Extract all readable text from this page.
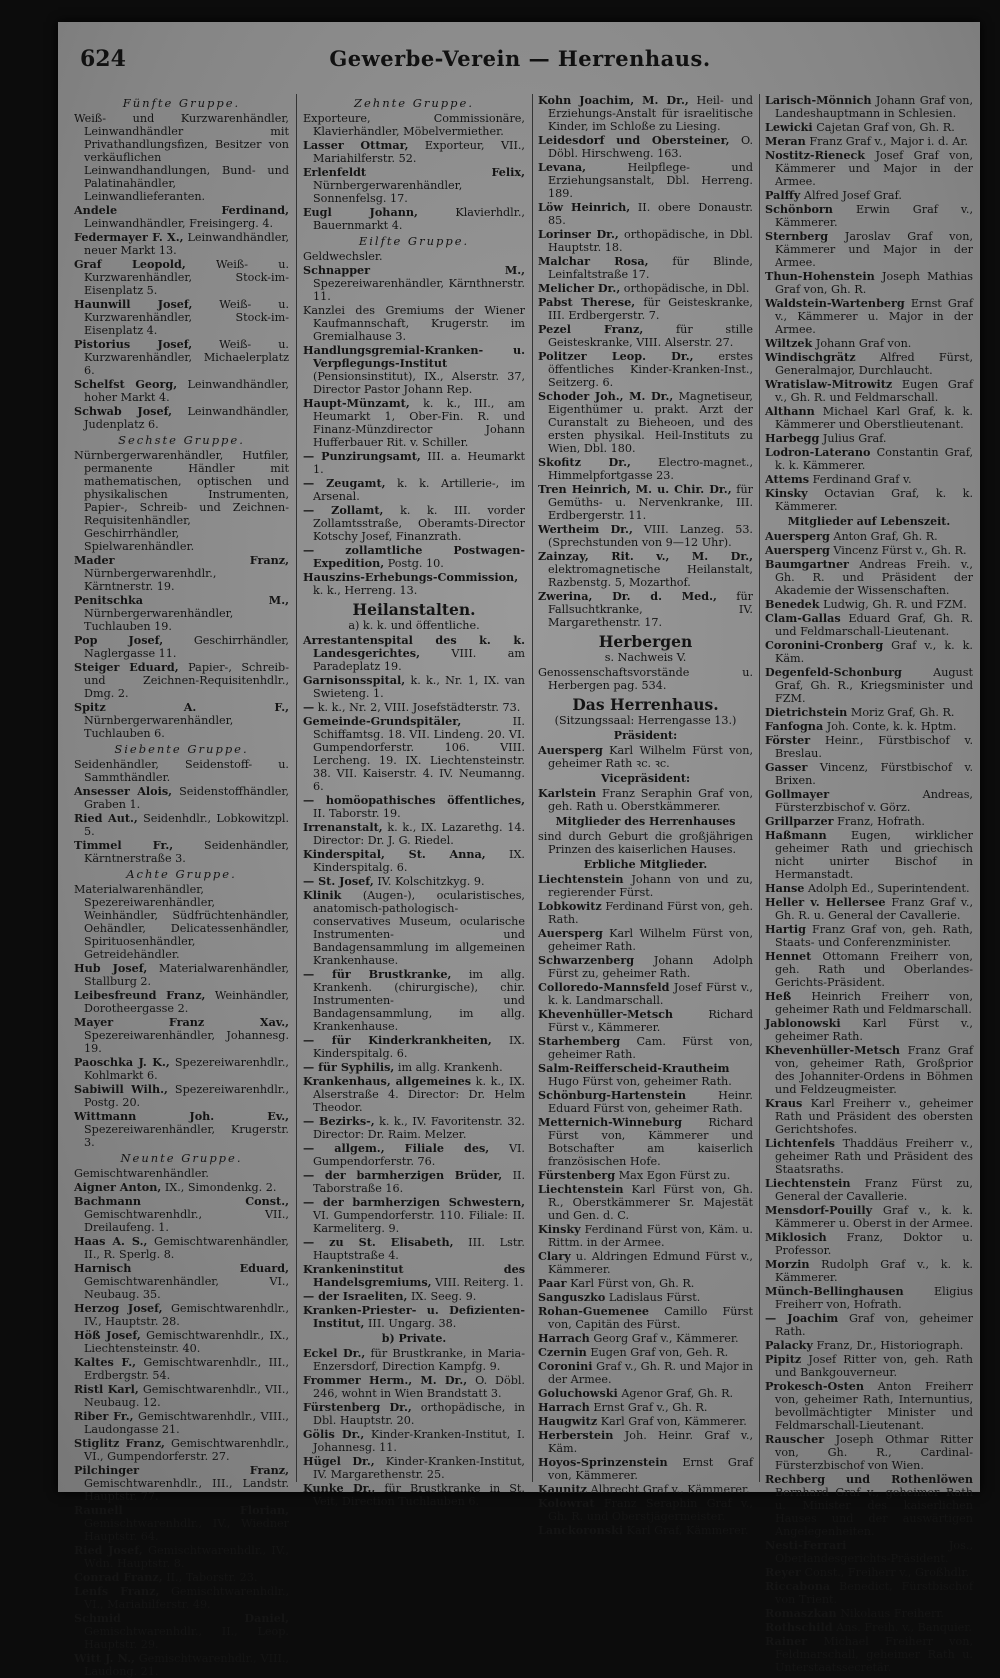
624	Gewerbe-Verein — Herrenhaus.
Fünfte Gruppe.
Weiß- und Kurzwarenhändler, Leinwandhändler mit Privathandlungsfizen, Besitzer von verkäuflichen Leinwandhandlungen, Bund- und Palatinahändler, Leinwandlieferanten.
Andele Ferdinand, Leinwandhändler, Freisingerg. 4.
Federmayer F. X., Leinwandhändler, neuer Markt 13.
Graf Leopold,	Weiß- u. Kurzwarenhändler, Stock-im-Eisenplatz 5.
Haunwill Josef, Weiß- u. Kurzwarenhändler, Stock-im-Eisenplatz 4.
Pistorius Josef, Weiß- u. Kurzwarenhändler, Michaelerplatz 6.
Schelfst Georg, Leinwandhändler, hoher Markt 4.
Schwab Josef, Leinwandhändler, Judenplatz 6.
Sechste Gruppe.
Nürnbergerwarenhändler, Hutfiler, permanente Händler mit mathematischen, optischen und physikalischen Instrumenten, Papier-, Schreib- und Zeichnen-Requisitenhändler, Geschirrhändler, Spielwarenhändler.
Mader Franz, Nürnbergerwarenhdlr., Kärntnerstr. 19.
Penitschka M., Nürnbergerwarenhändler, Tuchlauben 19.
Pop Josef,	Geschirrhändler, Naglergasse 11.
Steiger Eduard, Papier-, Schreib- und Zeichnen-Requisitenhdlr., Dmg. 2.
Spitz A. F., Nürnbergerwarenhändler, Tuchlauben 6.
Siebente Gruppe.
Seidenhändler, Seidenstoff- u. Sammthändler.
Ansesser Alois, Seidenstoffhändler, Graben 1.
Ried Aut., Seidenhdlr., Lobkowitzpl. 5.
Timmel Fr.,	Seidenhändler, Kärntnerstraße 3.
Achte Gruppe.
Materialwarenhändler, Spezereiwarenhändler, Weinhändler, Südfrüchtenhändler, Oehändler, Delicatessenhändler, Spirituosenhändler, Getreidehändler.
Hub Josef, Materialwarenhändler, Stallburg 2.
Leibesfreund Franz, Weinhändler, Dorotheergasse 2.
Mayer Franz Xav., Spezereiwarenhändler, Johannesg. 19.
Paoschka J. K., Spezereiwarenhdlr., Kohlmarkt 6.
Sabiwill Wilh., Spezereiwarenhdlr., Postg. 20.
Wittmann Joh. Ev., Spezereiwarenhändler, Krugerstr. 3.
Neunte Gruppe.
Gemischtwarenhändler.
Aigner Anton, IX., Simondenkg. 2.
Bachmann Const., Gemischtwarenhdlr., VII., Dreilaufeng. 1.
Haas A. S., Gemischtwarenhändler, II., R. Sperlg. 8.
Harnisch Eduard, Gemischtwarenhändler, VI., Neubaug. 35.
Herzog Josef, Gemischtwarenhdlr., IV., Hauptstr. 28.
Höß Josef, Gemischtwarenhdlr., IX., Liechtensteinstr. 40.
Kaltes F., Gemischtwarenhdlr., III., Erdbergstr. 54.
Ristl Karl, Gemischtwarenhdlr., VII., Neubaug. 12.
Riber Fr., Gemischtwarenhdlr., VIII., Laudongasse 21.
Stiglitz Franz, Gemischtwarenhdlr., VI., Gumpendorferstr. 27.
Pilchinger Franz, Gemischtwarenhdlr., III., Landstr. Hauptstr. 77.
Raunell Florian, Gemischtwarenhdlr., IV., Wiedner Hauptstr. 64.
Ried Josef, Gemischtwarenhdlr., IV., Wdn. Hauptstr. 8.
Conrad Franz, II., Taborstr. 23.
Lenfs Franz, Gemischtwarenhdlr., VI., Mariahilferstr. 49.
Schmid Daniel, Gemischtwarenhdlr., II., Leop. Hauptstr. 29.
Witt J. N., Gemischtwarenhdlr., VIII., Laudong. 21.
Zehnte Gruppe.
Exporteure, Commissionäre, Klavierhändler, Möbelvermiether.
Lasser Ottmar, Exporteur, VII., Mariahilferstr. 52.
Erlenfeldt Felix, Nürnbergerwarenhändler, Sonnenfelsg. 17.
Eugl Johann,	Klavierhdlr., Bauernmarkt 4.
Eilfte Gruppe.
Geldwechsler.
Schnapper M., Spezereiwarenhändler, Kärnthnerstr. 11.
Kanzlei des Gremiums der Wiener Kaufmannschaft, Krugerstr. im Gremialhause 3.
Handlungsgremial-Kranken- u. Verpflegungs-Institut (Pensionsinstitut), IX., Alserstr. 37, Director Pastor Johann Rep.
Haupt-Münzamt, k. k., III., am Heumarkt 1, Ober-Fin. R. und Finanz-Münzdirector Johann Hufferbauer Rit. v. Schiller.
— Punzirungsamt, III. a. Heumarkt 1.
— Zeugamt, k. k. Artillerie-, im Arsenal.
— Zollamt, k. k. III. vorder Zollamtsstraße, Oberamts-Director Kotschy Josef, Finanzrath.
— zollamtliche Postwagen-Expedition, Postg. 10.
Hauszins-Erhebungs-Commission, k. k., Herreng. 13.
Heilanstalten.
a) k. k. und öffentliche.
Arrestantenspital des k. k. Landesgerichtes,	VIII. am Paradeplatz 19.
Garnisonsspital, k. k., Nr. 1, IX. van Swieteng. 1.
— k. k., Nr. 2, VIII. Josefstädterstr. 73.
Gemeinde-Grundspitäler,	II. Schiffamtsg. 18. VII. Lindeng. 20. VI. Gumpendorferstr. 106. VIII. Lercheng. 19. IX. Liechtensteinstr. 38. VII. Kaiserstr. 4. IV. Neumanng. 6.
— homöopathisches öffentliches, II. Taborstr. 19.
Irrenanstalt, k. k., IX. Lazarethg. 14. Director: Dr. J. G. Riedel.
Kinderspital, St. Anna, IX. Kinderspitalg. 6.
— St. Josef, IV. Kolschitzkyg. 9.
Klinik (Augen-), ocularistisches, anatomisch-pathologisch-conservatives Museum, ocularische Instrumenten- und Bandagensammlung im allgemeinen Krankenhause.
— für Brustkranke, im allg. Krankenh. (chirurgische), chir. Instrumenten- und Bandagensammlung, im allg. Krankenhause.
— für Kinderkrankheiten, IX. Kinderspitalg. 6.
— für Syphilis, im allg. Krankenh.
Krankenhaus, allgemeines k. k., IX. Alserstraße 4. Director: Dr. Helm Theodor.
— Bezirks-, k. k., IV. Favoritenstr. 32. Director: Dr. Raim. Melzer.
— allgem., Filiale des, VI. Gumpendorferstr. 76.
— der barmherzigen Brüder, II. Taborstraße 16.
— der barmherzigen Schwestern, VI. Gumpendorferstr. 110. Filiale: II. Karmeliterg. 9.
— zu St. Elisabeth, III. Lstr. Hauptstraße 4.
Krankeninstitut des Handelsgremiums, VIII. Reiterg. 1.
— der Israeliten, IX. Seeg. 9.
Kranken-Priester- u. Defizienten-Institut, III. Ungarg. 38.
b) Private.
Eckel Dr., für Brustkranke, in Maria-Enzersdorf, Direction Kampfg. 9.
Frommer Herm., M. Dr., O. Döbl. 246, wohnt in Wien Brandstatt 3.
Fürstenberg Dr., orthopädische, in Dbl. Hauptstr. 20.
Gölis Dr., Kinder-Kranken-Institut, I. Johannesg. 11.
Hügel Dr., Kinder-Kranken-Institut, IV. Margarethenstr. 25.
Kunke Dr., für Brustkranke in St. Veit, Direction Tuchlauben 6.
Kohn Joachim, M. Dr., Heil- und Erziehungs-Anstalt für israelitische Kinder, im Schloße zu Liesing.
Leidesdorf und Obersteiner, O. Döbl. Hirschweng. 163.
Levana,	Heilpflege- und Erziehungsanstalt, Dbl. Herreng. 189.
Löw Heinrich, II. obere Donaustr. 85.
Lorinser Dr., orthopädische, in Dbl. Hauptstr. 18.
Malchar Rosa, für Blinde, Leinfaltstraße 17.
Melicher Dr., orthopädische, in Dbl.
Pabst Therese, für Geisteskranke, III. Erdbergerstr. 7.
Pezel Franz,	für stille Geisteskranke, VIII. Alserstr. 27.
Politzer Leop. Dr., erstes öffentliches Kinder-Kranken-Inst., Seitzerg. 6.
Schoder Joh., M. Dr., Magnetiseur, Eigenthümer u. prakt. Arzt der Curanstalt zu Bieheoen, und des ersten physikal. Heil-Instituts zu Wien, Dbl. 180.
Skofitz Dr., Electro-magnet., Himmelpfortgasse 23.
Tren Heinrich, M. u. Chir. Dr., für Gemüths- u. Nervenkranke, III. Erdbergerstr. 11.
Wertheim Dr., VIII. Lanzeg. 53. (Sprechstunden von 9—12 Uhr).
Zainzay, Rit. v., M. Dr., elektromagnetische Heilanstalt, Razbenstg. 5, Mozarthof.
Zwerina, Dr. d. Med., für Fallsuchtkranke, IV. Margarethenstr. 17.
Herbergen
s. Nachweis V.
Genossenschaftsvorstände u. Herbergen pag. 534.
Das Herrenhaus.
(Sitzungssaal: Herrengasse 13.)
Präsident:
Auersperg Karl Wilhelm Fürst von, geheimer Rath ꝛc. ꝛc.
Vicepräsident:
Karlstein Franz Seraphin Graf von, geh. Rath u. Oberstkämmerer.
Mitglieder des Herrenhauses
sind durch Geburt die großjährigen Prinzen des kaiserlichen Hauses.
Erbliche Mitglieder.
Liechtenstein Johann von und zu, regierender Fürst.
Lobkowitz Ferdinand Fürst von, geh. Rath.
Auersperg Karl Wilhelm Fürst von, geheimer Rath.
Schwarzenberg Johann Adolph Fürst zu, geheimer Rath.
Colloredo-Mannsfeld Josef Fürst v., k. k. Landmarschall.
Khevenhüller-Metsch	Richard Fürst v., Kämmerer.
Starhemberg Cam. Fürst von, geheimer Rath.
Salm-Reifferscheid-Krautheim Hugo Fürst von, geheimer Rath.
Schönburg-Hartenstein	Heinr. Eduard Fürst von, geheimer Rath.
Metternich-Winneburg Richard Fürst von, Kämmerer und Botschafter am kaiserlich französischen Hofe.
Fürstenberg Max Egon Fürst zu.
Liechtenstein Karl Fürst von, Gh. R., Oberstkämmerer Sr. Majestät und Gen. d. C.
Kinsky Ferdinand Fürst von, Käm. u. Rittm. in der Armee.
Clary u. Aldringen Edmund Fürst v., Kämmerer.
Paar Karl Fürst von, Gh. R.
Sanguszko Ladislaus Fürst.
Rohan-Guemenee Camillo Fürst von, Capitän des Fürst.
Harrach Georg Graf v., Kämmerer.
Czernin Eugen Graf von, Geh. R.
Coronini Graf v., Gh. R. und Major in der Armee.
Goluchowski Agenor Graf, Gh. R.
Harrach Ernst Graf v., Gh. R.
Haugwitz Karl Graf von, Kämmerer.
Herberstein Joh. Heinr. Graf v., Käm.
Hoyos-Sprinzenstein Ernst Graf von, Kämmerer.
Kaunitz Albrecht Graf v., Kämmerer.
Kolowrat Franz Seraphin Graf v., Gh. R. und Oberstjägermeister.
Lanckoronski Karl Graf, Kämmerer.
Larisch-Mönnich Johann Graf von, Landeshauptmann in Schlesien.
Lewicki Cajetan Graf von, Gh. R.
Meran Franz Graf v., Major i. d. Ar.
Nostitz-Rieneck Josef Graf von, Kämmerer und Major in der Armee.
Palffy Alfred Josef Graf.
Schönborn Erwin Graf v., Kämmerer.
Sternberg Jaroslav Graf von, Kämmerer und Major in der Armee.
Thun-Hohenstein Joseph Mathias Graf von, Gh. R.
Waldstein-Wartenberg Ernst Graf v., Kämmerer u. Major in der Armee.
Wiltzek Johann Graf von.
Windischgrätz Alfred Fürst, Generalmajor, Durchlaucht.
Wratislaw-Mitrowitz Eugen Graf v., Gh. R. und Feldmarschall.
Althann Michael Karl Graf, k. k. Kämmerer und Oberstlieutenant.
Harbegg Julius Graf.
Lodron-Laterano Constantin Graf, k. k. Kämmerer.
Attems Ferdinand Graf v.
Kinsky Octavian Graf, k. k. Kämmerer.
Mitglieder auf Lebenszeit.
Auersperg Anton Graf, Gh. R.
Auersperg Vincenz Fürst v., Gh. R.
Baumgartner Andreas Freih. v., Gh. R. und Präsident der Akademie der Wissenschaften.
Benedek Ludwig, Gh. R. und FZM.
Clam-Gallas Eduard Graf, Gh. R. und Feldmarschall-Lieutenant.
Coronini-Cronberg Graf v., k. k. Käm.
Degenfeld-Schonburg	August Graf, Gh. R., Kriegsminister und FZM.
Dietrichstein Moriz Graf, Gh. R.
Fanfogna Joh. Conte, k. k. Hptm.
Förster Heinr., Fürstbischof v. Breslau.
Gasser Vincenz, Fürstbischof v. Brixen.
Gollmayer	Andreas, Fürsterzbischof v. Görz.
Grillparzer Franz, Hofrath.
Haßmann Eugen, wirklicher geheimer Rath und griechisch nicht unirter Bischof in Hermanstadt.
Hanse Adolph Ed., Superintendent.
Heller v. Hellersee Franz Graf v., Gh. R. u. General der Cavallerie.
Hartig Franz Graf von, geh. Rath, Staats- und Conferenzminister.
Hennet Ottomann Freiherr von, geh. Rath und Oberlandes-Gerichts-Präsident.
Heß Heinrich Freiherr von, geheimer Rath und Feldmarschall.
Jablonowski Karl Fürst v., geheimer Rath.
Khevenhüller-Metsch Franz Graf von, geheimer Rath, Großprior des Johanniter-Ordens in Böhmen und Feldzeugmeister.
Kraus Karl Freiherr v., geheimer Rath und Präsident des obersten Gerichtshofes.
Lichtenfels Thaddäus Freiherr v., geheimer Rath und Präsident des Staatsraths.
Liechtenstein Franz Fürst zu, General der Cavallerie.
Mensdorf-Pouilly Graf v., k. k. Kämmerer u. Oberst in der Armee.
Miklosich Franz, Doktor u. Professor.
Morzin Rudolph Graf v., k. k. Kämmerer.
Münch-Bellinghausen	Eligius Freiherr von, Hofrath.
— Joachim Graf von, geheimer Rath.
Palacky Franz, Dr., Historiograph.
Pipitz Josef Ritter von, geh. Rath und Bankgouverneur.
Prokesch-Osten Anton Freiherr von, geheimer Rath, Internuntius, bevollmächtigter Minister und Feldmarschall-Lieutenant.
Rauscher Joseph Othmar Ritter von, Gh. R., Cardinal-Fürsterzbischof von Wien.
Rechberg und Rothenlöwen Bernhard Graf v., geheimer Rath u. Minister des kaiserlichen Hauses und der auswärtigen Angelegenheiten.
Nesti-Ferrari	Jos., Oberlandesgerichts-Präsident.
Reyer Const., Freiherr v., Großhdlr.
Riccabona Benedict, Fürstbischof von Trient.
Romaszkan Nikolaus Freiherr.
Rothschild Ans. Freih. v., Banquier.
Rainer Michael Freiherr von, Feldmarschall, geheimer Rath u. Unterstaatssecretär.
